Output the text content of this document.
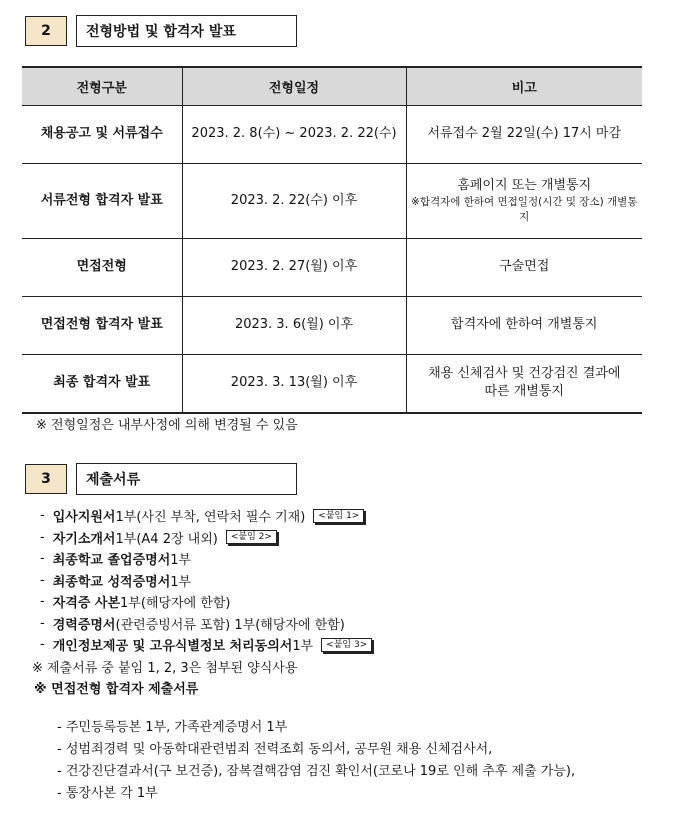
2	전형방법 및 합격자 발표
전형구분	전형일정	비고
채용공고 및 서류접수	2023. 2. 8(수) ~ 2023. 2. 22(수)	서류접수 2월 22일(수) 17시 마감
서류전형 합격자 발표	2023. 2. 22(수) 이후	홈페이지 또는 개별통지
※합격자에 한하여 면접일정(시간 및 장소) 개별통지

면접전형	2023. 2. 27(월) 이후	구술면접
면접전형 합격자 발표	2023. 3. 6(월) 이후	합격자에 한하여 개별통지
최종 합격자 발표	2023. 3. 13(월) 이후	채용 신체검사 및 건강검진 결과에 따른 개별통지
※ 전형일정은 내부사정에 의해 변경될 수 있음
3	제출서류
- 입사지원서 1부(사진 부착, 연락처 필수 기재)	<붙임 1>
- 자기소개서 1부(A4 2장 내외)	<붙임 2>
- 최종학교 졸업증명서 1부
- 최종학교 성적증명서 1부
- 자격증 사본 1부(해당자에 한함)
- 경력증명서 (관련증빙서류 포함) 1부(해당자에 한함)
- 개인정보제공 및 고유식별정보 처리동의서 1부	<붙임 3>
※ 제출서류 중 붙임 1, 2, 3은 첨부된 양식사용
※ 면접전형 합격자 제출서류
- 주민등록등본 1부, 가족관계증명서 1부
- 성범죄경력 및 아동학대관련범죄 전력조회 동의서, 공무원 채용 신체검사서,
- 건강진단결과서(구 보건증), 잠복결핵감염 검진 확인서(코로나 19로 인해 추후 제출 가능),
- 통장사본 각 1부
